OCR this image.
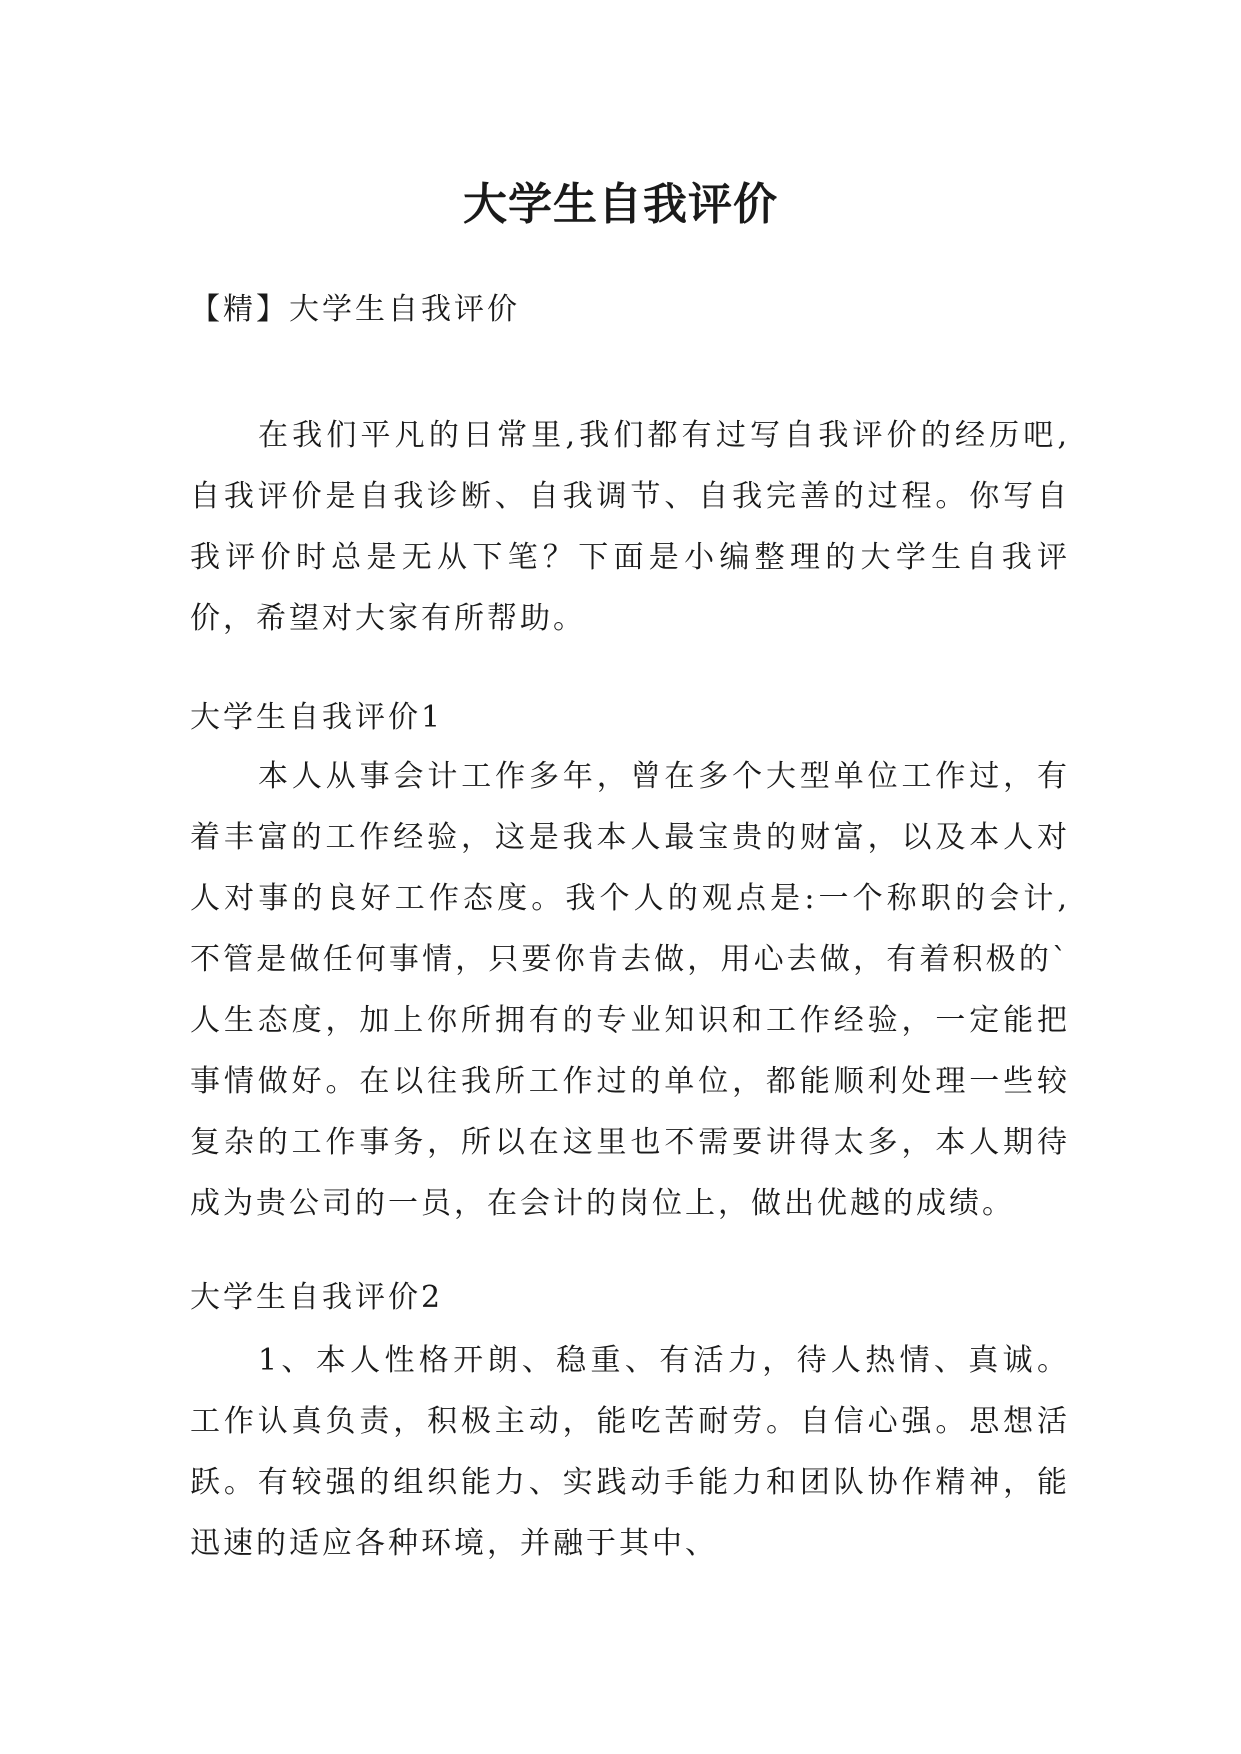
大学生自我评价
【精】大学生自我评价

在我们平凡的日常里,我们都有过写自我评价的经历吧,自我评价是自我诊断、自我调节、自我完善的过程。你写自我评价时总是无从下笔？下面是小编整理的大学生自我评价，希望对大家有所帮助。

大学生自我评价1

本人从事会计工作多年，曾在多个大型单位工作过，有着丰富的工作经验，这是我本人最宝贵的财富，以及本人对人对事的良好工作态度。我个人的观点是:一个称职的会计,不管是做任何事情，只要你肯去做，用心去做，有着积极的`人生态度，加上你所拥有的专业知识和工作经验，一定能把事情做好。在以往我所工作过的单位，都能顺利处理一些较复杂的工作事务，所以在这里也不需要讲得太多，本人期待成为贵公司的一员，在会计的岗位上，做出优越的成绩。

大学生自我评价2

1、本人性格开朗、稳重、有活力，待人热情、真诚。工作认真负责，积极主动，能吃苦耐劳。自信心强。思想活跃。有较强的组织能力、实践动手能力和团队协作精神，能迅速的适应各种环境，并融于其中、
